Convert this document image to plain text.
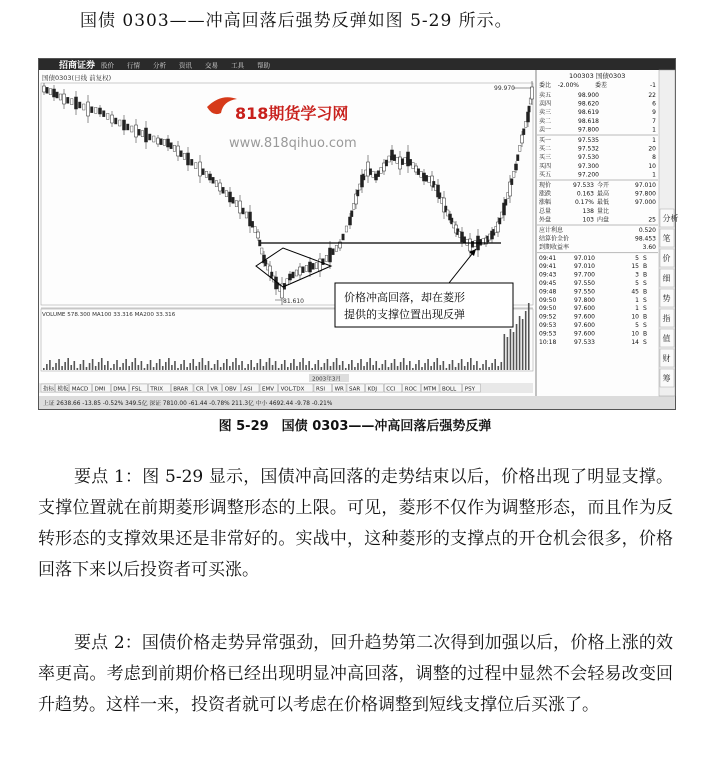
国债 0303——冲高回落后强势反弹如图 5-29 所示。
招商证券 股价 行情 分析 资讯 交易 工具 帮助
国债0303(日线 前复权)
99.970
81.610	价格冲高回落，却在菱形
提供的支撑位置出现反弹
818期货学习网
www.818qihuo.com
VOLUME 578.300 MA100 33.316 MA200 33.316
2003年3月
指标 模板 MACD DMI DMA FSL TRIX BRAR CR VR OBV ASI EMV VOL-TDX RSI WR SAR KDJ CCI ROC MTM BOLL PSY
上证 2638.66 -13.85 -0.52% 349.5亿 深证 7810.00 -61.44 -0.78% 211.3亿 中小 4692.44 -9.78 -0.21%
100303 国债0303
委比 -2.00%	委差	-1
卖五	98.900	22
卖四	98.620	6
卖三	98.619	9
卖二	98.618	7
卖一	97.800	1
买一	97.535	1
买二	97.532	20
买三	97.530	8
买四	97.300	10
买五	97.200	1
现价	97.533 今开	97.010
涨跌	0.163 最高	97.800
涨幅	0.17% 最低	97.000
总量	138 量比
外盘	103 内盘	25
应计利息	0.520
结算价全价	98.453
到期收益率	3.60
09:41	97.010	5 S
09:41	97.010	15 B
09:43	97.700	3 B
09:45	97.550	5 S
09:48	97.550	45 B
09:50	97.800	1 S
09:50	97.600	1 S
09:52	97.600	10 B
09:53	97.600	5 S
09:53	97.600	10 B
10:18	97.533	14 S
分析
笔
价
细
势
指
值
财
筹
图 5-29　国债 0303——冲高回落后强势反弹
要点 1：图 5-29 显示，国债冲高回落的走势结束以后，价格出现了明显支撑。支撑位置就在前期菱形调整形态的上限。可见，菱形不仅作为调整形态，而且作为反转形态的支撑效果还是非常好的。实战中，这种菱形的支撑点的开仓机会很多，价格回落下来以后投资者可买涨。
要点 2：国债价格走势异常强劲，回升趋势第二次得到加强以后，价格上涨的效率更高。考虑到前期价格已经出现明显冲高回落，调整的过程中显然不会轻易改变回升趋势。这样一来，投资者就可以考虑在价格调整到短线支撑位后买涨了。
